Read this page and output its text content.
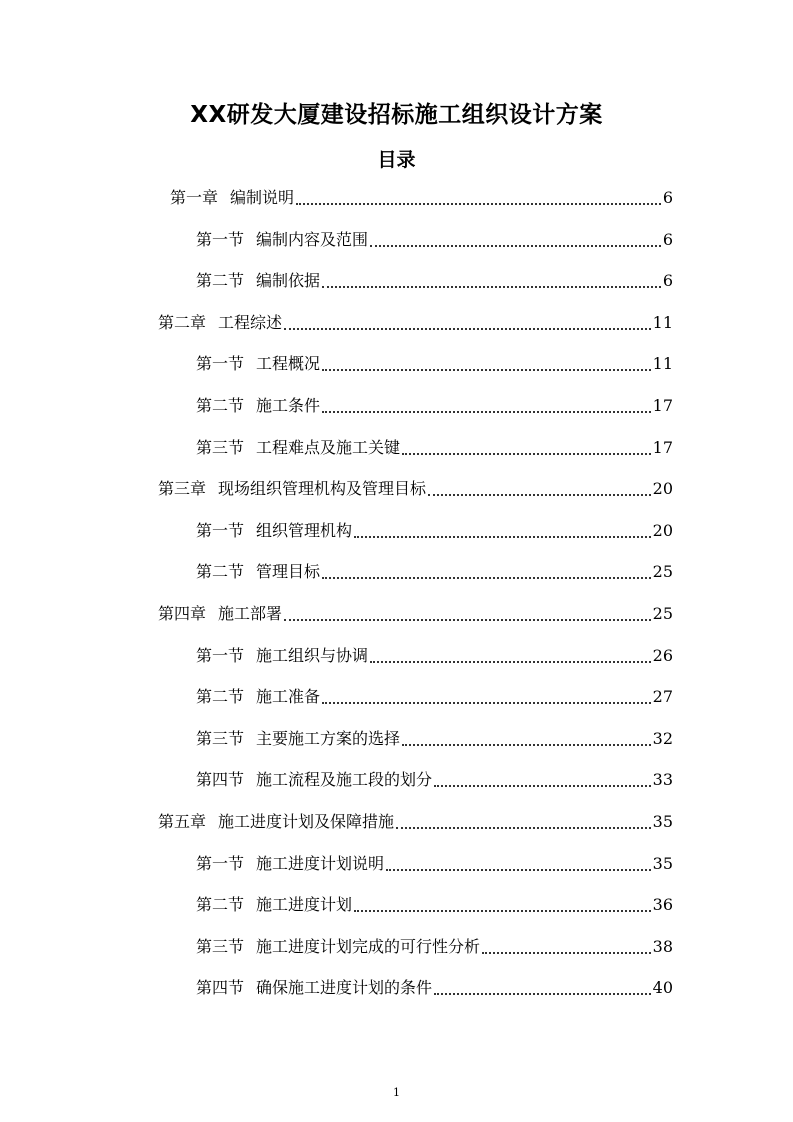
XX研发大厦建设招标施工组织设计方案
目录
第一章 编制说明	6
第一节 编制内容及范围	6
第二节 编制依据	6
第二章 工程综述	11
第一节 工程概况	11
第二节 施工条件	17
第三节 工程难点及施工关键	17
第三章 现场组织管理机构及管理目标	20
第一节 组织管理机构	20
第二节 管理目标	25
第四章 施工部署	25
第一节 施工组织与协调	26
第二节 施工准备	27
第三节 主要施工方案的选择	32
第四节 施工流程及施工段的划分	33
第五章 施工进度计划及保障措施	35
第一节 施工进度计划说明	35
第二节 施工进度计划	36
第三节 施工进度计划完成的可行性分析	38
第四节 确保施工进度计划的条件	40
1
